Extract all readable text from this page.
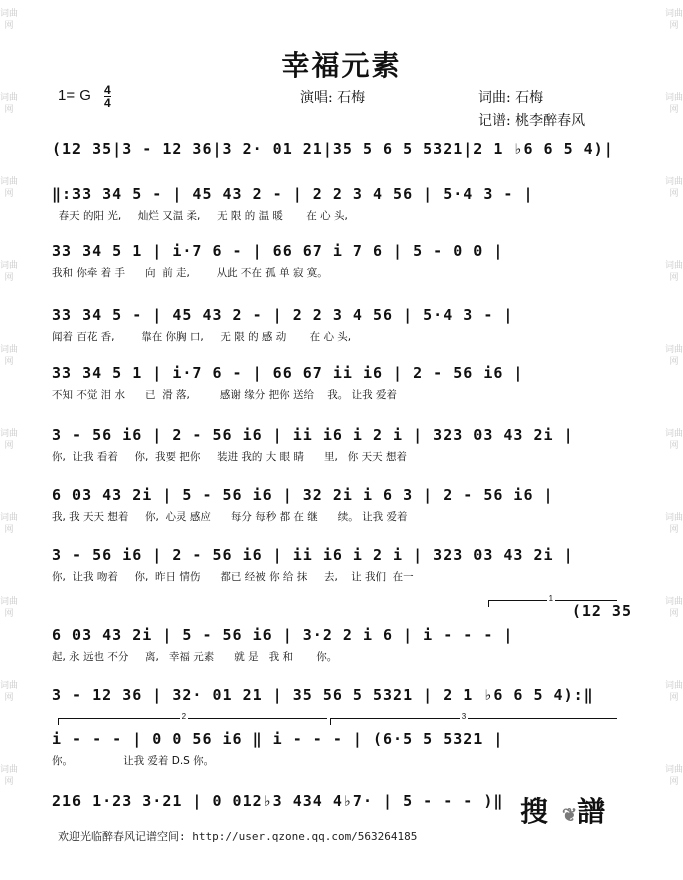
词曲网
词曲网
词曲网
词曲网
词曲网
词曲网
词曲网
词曲网
词曲网
词曲网
词曲网
词曲网
词曲网
词曲网
词曲网
词曲网
词曲网
词曲网
词曲网
词曲网
幸福元素
1= G 4
4	演唱: 石梅	词曲: 石梅
记谱: 桃李醉春风
(12 35|3 - 12 36|3 2· 01 21|35 5 6 5 5321|2 1 ♭6 6 5 4)|
‖:33 34 5 - | 45 43 2 - | 2 2 3 4 56 | 5·4 3 - |
春天 的阳 光,     灿烂 又温 柔,     无 限 的 温 暖       在 心 头,
33 34 5 1 | i·7 6 - | 66 67 i 7 6 | 5 - 0 0 |
我和 你牵 着 手      向  前 走,        从此 不在 孤 单 寂 寞。
33 34 5 - | 45 43 2 - | 2 2 3 4 56 | 5·4 3 - |
闻着 百花 香,        靠在 你胸 口,     无 限 的 感 动       在 心 头,
33 34 5 1 | i·7 6 - | 66 67 ii i6 | 2 - 56 i6 |
不知 不觉 泪 水      已  滑 落,         感谢 缘分 把你 送给    我。 让我 爱着
3 - 56 i6 | 2 - 56 i6 | ii i6 i 2 i | 323 03 43 2i |
你,  让我 看着     你,  我要 把你     装进 我的 大 眼 睛      里,   你 天天 想着
6 03 43 2i | 5 - 56 i6 | 32 2i i 6 3 | 2 - 56 i6 |
我, 我 天天 想着     你,  心灵 感应      每分 每秒 都 在 继      续。 让我 爱着
3 - 56 i6 | 2 - 56 i6 | ii i6 i 2 i | 323 03 43 2i |
你,  让我 吻着     你,  昨日 情伤      都已 经被 你 给 抹     去,    让 我们  在一
1
(12 35
6 03 43 2i | 5 - 56 i6 | 3·2 2 i 6 | i - - - |
起, 永 远也 不分     离,   幸福 元素      就 是   我 和       你。
3 - 12 36 | 32· 01 21 | 35 56 5 5321 | 2 1 ♭6 6 5 4):‖
2	3
i - - - | 0 0 56 i6 ‖ i - - - | (6·5 5 5321 |
你。               让我 爱着 D.S 你。
216 1·23 3·21 | 0 012♭3 434 4♭7· | 5 - - - )‖ 搜❦譜
欢迎光临醉春风记谱空间: http://user.qzone.qq.com/563264185
